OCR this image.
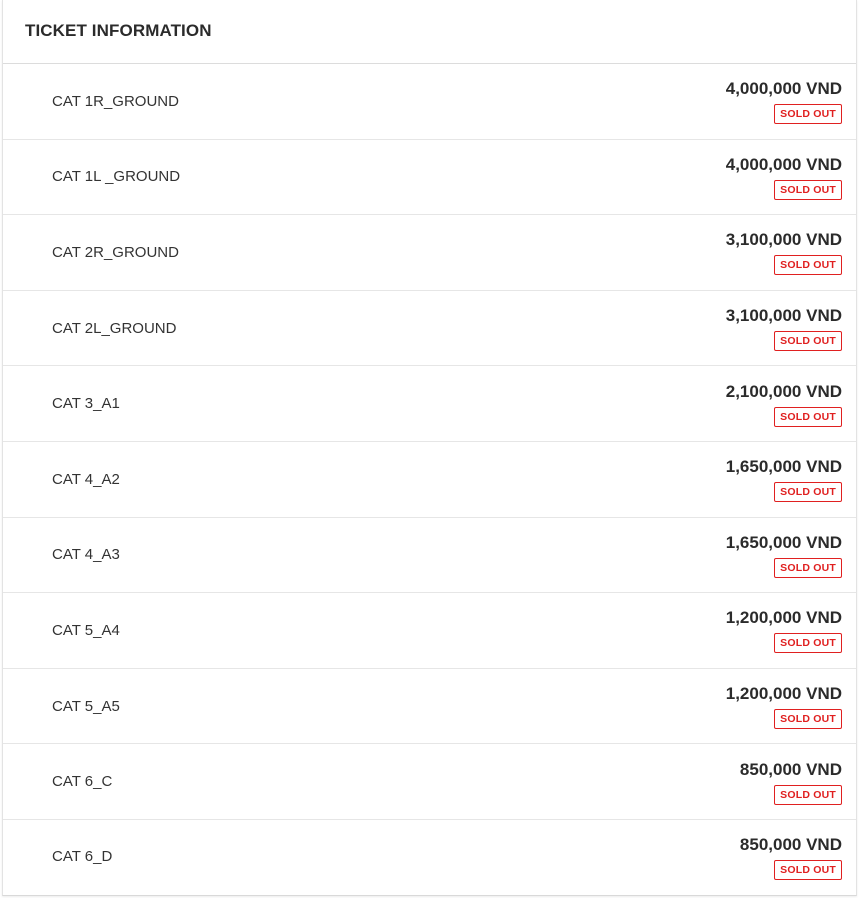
TICKET INFORMATION
CAT 1R_GROUND
4,000,000 VND
SOLD OUT
CAT 1L _GROUND
4,000,000 VND
SOLD OUT
CAT 2R_GROUND
3,100,000 VND
SOLD OUT
CAT 2L_GROUND
3,100,000 VND
SOLD OUT
CAT 3_A1
2,100,000 VND
SOLD OUT
CAT 4_A2
1,650,000 VND
SOLD OUT
CAT 4_A3
1,650,000 VND
SOLD OUT
CAT 5_A4
1,200,000 VND
SOLD OUT
CAT 5_A5
1,200,000 VND
SOLD OUT
CAT 6_C
850,000 VND
SOLD OUT
CAT 6_D
850,000 VND
SOLD OUT
